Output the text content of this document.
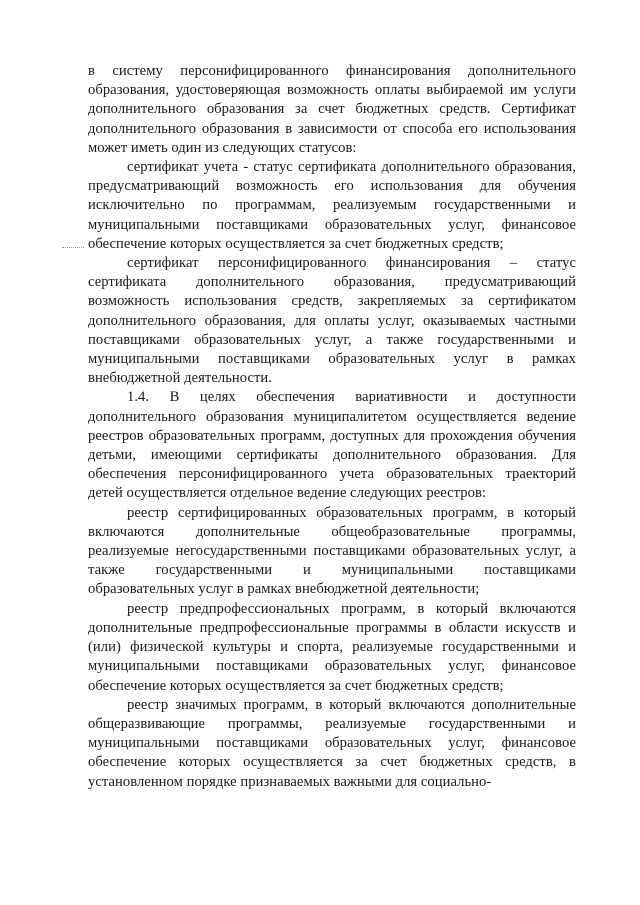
в систему персонифицированного финансирования дополнительного образования, удостоверяющая возможность оплаты выбираемой им услуги дополнительного образования за счет бюджетных средств. Сертификат дополнительного образования в зависимости от способа его использования может иметь один из следующих статусов:

сертификат учета - статус сертификата дополнительного образования, предусматривающий возможность его использования для обучения исключительно по программам, реализуемым государственными и муниципальными поставщиками образовательных услуг, финансовое обеспечение которых осуществляется за счет бюджетных средств;

сертификат персонифицированного финансирования – статус сертификата дополнительного образования, предусматривающий возможность использования средств, закрепляемых за сертификатом дополнительного образования, для оплаты услуг, оказываемых частными поставщиками образовательных услуг, а также государственными и муниципальными поставщиками образовательных услуг в рамках внебюджетной деятельности.

1.4. В целях обеспечения вариативности и доступности дополнительного образования муниципалитетом осуществляется ведение реестров образовательных программ, доступных для прохождения обучения детьми, имеющими сертификаты дополнительного образования. Для обеспечения персонифицированного учета образовательных траекторий детей осуществляется отдельное ведение следующих реестров:

реестр сертифицированных образовательных программ, в который включаются дополнительные общеобразовательные программы, реализуемые негосударственными поставщиками образовательных услуг, а также государственными и муниципальными поставщиками образовательных услуг в рамках внебюджетной деятельности;

реестр предпрофессиональных программ, в который включаются дополнительные предпрофессиональные программы в области искусств и (или) физической культуры и спорта, реализуемые государственными и муниципальными поставщиками образовательных услуг, финансовое обеспечение которых осуществляется за счет бюджетных средств;

реестр значимых программ, в который включаются дополнительные общеразвивающие программы, реализуемые государственными и муниципальными поставщиками образовательных услуг, финансовое обеспечение которых осуществляется за счет бюджетных средств, в установленном порядке признаваемых важными для социально-
